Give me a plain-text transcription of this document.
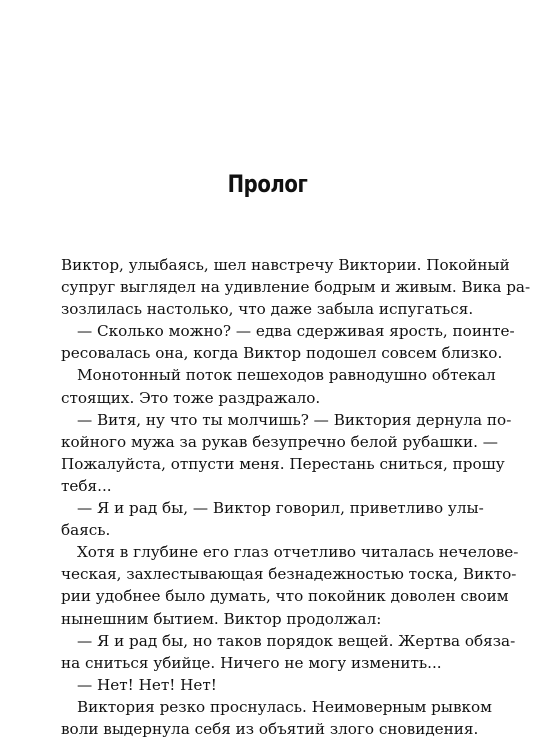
Пролог
Виктор, улыбаясь, шел навстречу Виктории. Покойный
супруг выглядел на удивление бодрым и живым. Вика ра-
зозлилась настолько, что даже забыла испугаться.
— Сколько можно? — едва сдерживая ярость, поинте-
ресовалась она, когда Виктор подошел совсем близко.
Монотонный поток пешеходов равнодушно обтекал
стоящих. Это тоже раздражало.
— Витя, ну что ты молчишь? — Виктория дернула по-
койного мужа за рукав безупречно белой рубашки. —
Пожалуйста, отпусти меня. Перестань сниться, прошу
тебя...
— Я и рад бы, — Виктор говорил, приветливо улы-
баясь.
Хотя в глубине его глаз отчетливо читалась нечелове-
ческая, захлестывающая безнадежностью тоска, Викто-
рии удобнее было думать, что покойник доволен своим
нынешним бытием. Виктор продолжал:
— Я и рад бы, но таков порядок вещей. Жертва обяза-
на сниться убийце. Ничего не могу изменить...
— Нет! Нет! Нет!
Виктория резко проснулась. Неимоверным рывком
воли выдернула себя из объятий злого сновидения.
